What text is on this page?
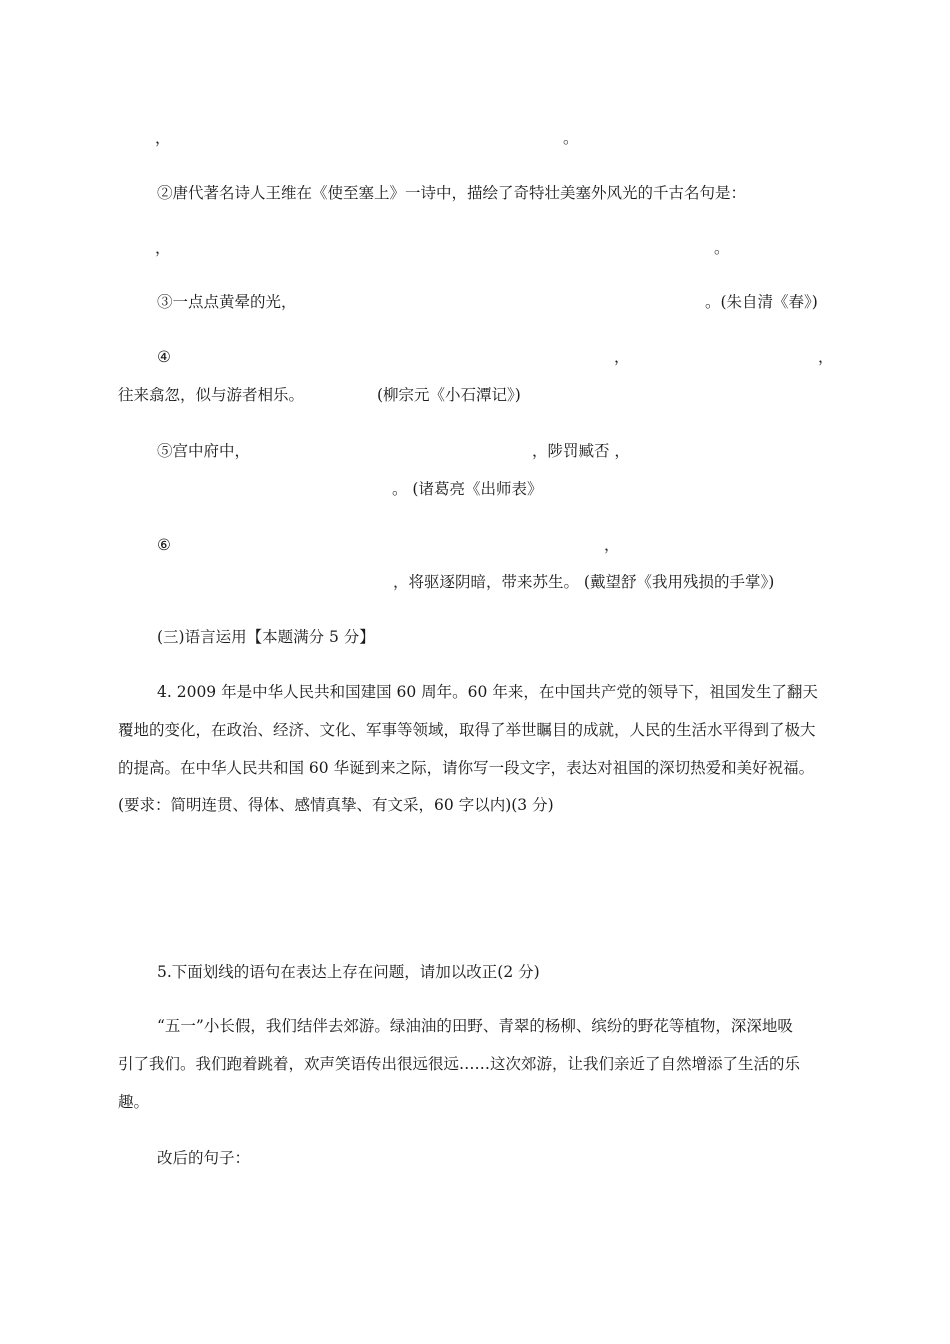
，	。
②唐代著名诗人王维在《使至塞上》一诗中，描绘了奇特壮美塞外风光的千古名句是：
，	。
③一点点黄晕的光，	。(朱自清《春》)
④	，	，
往来翕忽，似与游者相乐。	(柳宗元《小石潭记》)
⑤宫中府中，	，陟罚臧否 ，
。 (诸葛亮《出师表》
⑥	，
，将驱逐阴暗，带来苏生。 (戴望舒《我用残损的手掌》)
(三)语言运用【本题满分 5 分】
4. 2009 年是中华人民共和国建国 60 周年。60 年来，在中国共产党的领导下，祖国发生了翻天
覆地的变化，在政治、经济、文化、军事等领域，取得了举世瞩目的成就，人民的生活水平得到了极大
的提高。在中华人民共和国 60 华诞到来之际，请你写一段文字，表达对祖国的深切热爱和美好祝福。
(要求：简明连贯、得体、感情真挚、有文采，60 字以内)(3 分)
5.下面划线的语句在表达上存在问题，请加以改正(2 分)
“五一”小长假，我们结伴去郊游。绿油油的田野、青翠的杨柳、缤纷的野花等植物，深深地吸
引了我们。我们跑着跳着，欢声笑语传出很远很远……这次郊游，让我们亲近了自然增添了生活的乐
趣。
改后的句子：
